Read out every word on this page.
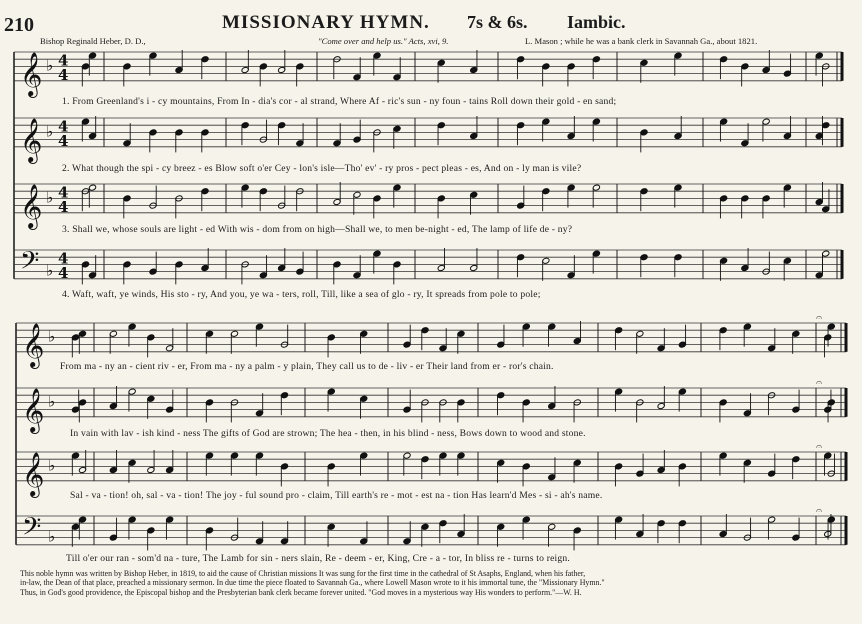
210	MISSIONARY HYMN. 7s & 6s. Iambic.
Bishop Reginald Heber, D. D.,	"Come over and help us." Acts, xvi, 9.	L. Mason ; while he was a bank clerk in Savannah Ga., about 1821.
𝄞 ♭ 4
4
𝄞 ♭ 4
4
𝄞 ♭ 4
4
𝄢 ♭
4
4
𝄞 ♭
𝄞 ♭
𝄞 ♭
𝄢 ♭
𝄐
𝄐
𝄐
𝄐
1. From Greenland's i - cy mountains, From In - dia's cor - al strand, Where Af - ric's sun - ny foun - tains Roll down their gold - en sand;
2. What though the spi - cy breez - es Blow soft o'er Cey - lon's isle—Tho' ev' - ry pros - pect pleas - es, And on - ly man is vile?
3. Shall we, whose souls are light - ed With wis - dom from on high—Shall we, to men be-night - ed, The lamp of life de - ny?
4. Waft, waft, ye winds, His sto - ry, And you, ye wa - ters, roll, Till, like a sea of glo - ry, It spreads from pole to pole;
From ma - ny an - cient riv - er, From ma - ny a palm - y plain, They call us to de - liv - er Their land from er - ror's chain.
In vain with lav - ish kind - ness The gifts of God are strown; The hea - then, in his blind - ness, Bows down to wood and stone.
Sal - va - tion! oh, sal - va - tion! The joy - ful sound pro - claim, Till earth's re - mot - est na - tion Has learn'd Mes - si - ah's name.
Till o'er our ran - som'd na - ture, The Lamb for sin - ners slain, Re - deem - er, King, Cre - a - tor, In bliss re - turns to reign.
This noble hymn was written by Bishop Heber, in 1819, to aid the cause of Christian missions It was sung for the first time in the cathedral of St Asaphs, England, when his father,
in-law, the Dean of that place, preached a missionary sermon. In due time the piece floated to Savannah Ga., where Lowell Mason wrote to it his immortal tune, the "Missionary Hymn."
Thus, in God's good providence, the Episcopal bishop and the Presbyterian bank clerk became forever united. "God moves in a mysterious way His wonders to perform."—W. H.
